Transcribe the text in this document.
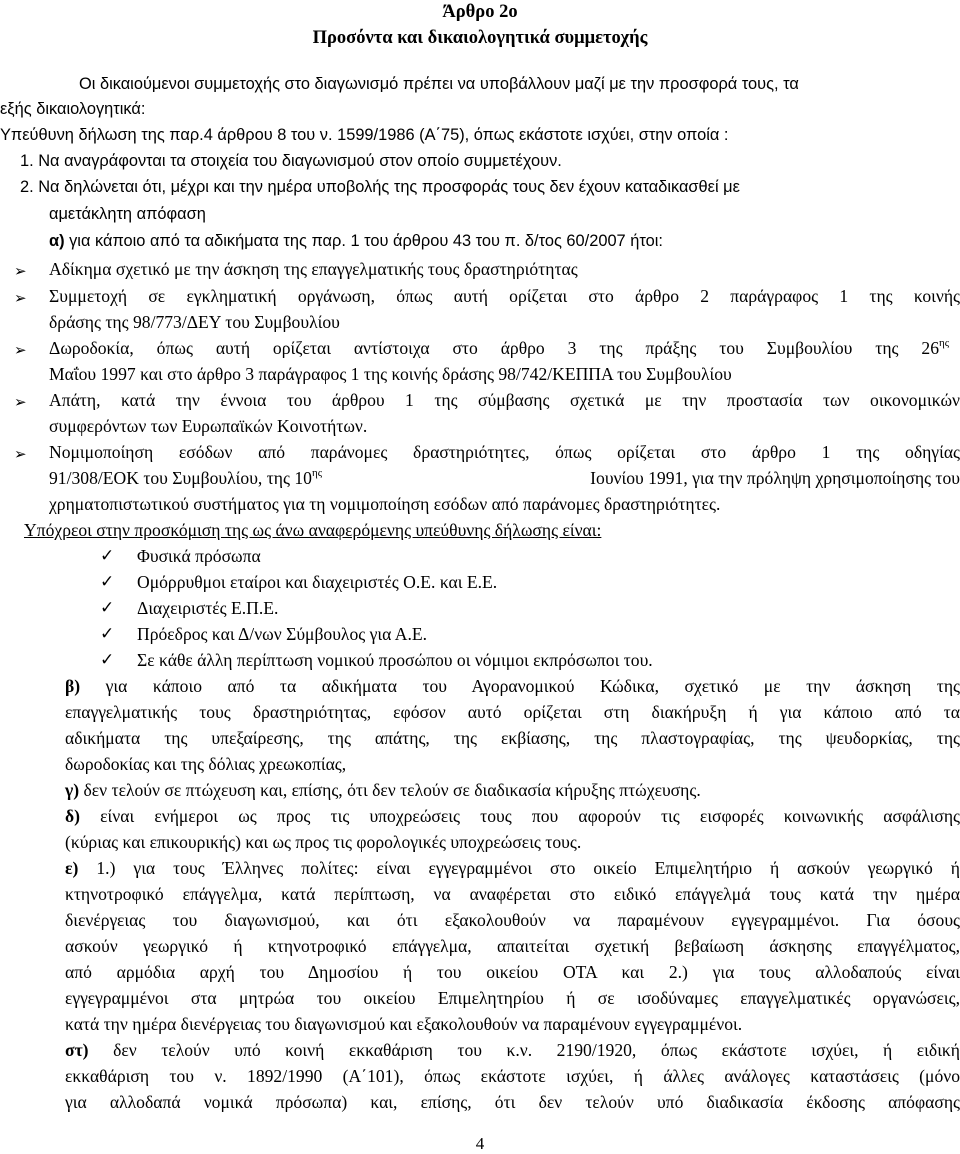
Άρθρο 2ο
Προσόντα και δικαιολογητικά συμμετοχής
Οι δικαιούμενοι συμμετοχής στο διαγωνισμό πρέπει να υποβάλλουν μαζί με την προσφορά τους, τα
εξής δικαιολογητικά:
Υπεύθυνη δήλωση της παρ.4 άρθρου 8 του ν. 1599/1986 (Α΄75), όπως εκάστοτε ισχύει, στην οποία :
1. Να αναγράφονται τα στοιχεία του διαγωνισμού στον οποίο συμμετέχουν.
2. Να δηλώνεται ότι, μέχρι και την ημέρα υποβολής της προσφοράς τους δεν έχουν καταδικασθεί με
αμετάκλητη απόφαση
α) για κάποιο από τα αδικήματα της παρ. 1 του άρθρου 43 του π. δ/τος 60/2007 ήτοι:
➢ Αδίκημα σχετικό με την άσκηση της επαγγελματικής τους δραστηριότητας
➢ Συμμετοχή σε εγκληματική οργάνωση, όπως αυτή ορίζεται στο άρθρο 2 παράγραφος 1 της κοινής
δράσης της 98/773/ΔΕΥ του Συμβουλίου
➢ Δωροδοκία, όπως αυτή ορίζεται αντίστοιχα στο άρθρο 3 της πράξης του Συμβουλίου της $26^{\eta\varsigma}$
Μαΐου 1997 και στο άρθρο 3 παράγραφος 1 της κοινής δράσης 98/742/ΚΕΠΠΑ του Συμβουλίου
➢ Απάτη, κατά την έννοια του άρθρου 1 της σύμβασης σχετικά με την προστασία των οικονομικών
συμφερόντων των Ευρωπαϊκών Κοινοτήτων.
➢ Νομιμοποίηση εσόδων από παράνομες δραστηριότητες, όπως ορίζεται στο άρθρο 1 της οδηγίας
91/308/ΕΟΚ του Συμβουλίου, της $10^{\eta\varsigma}$	Ιουνίου 1991, για την πρόληψη χρησιμοποίησης του
χρηματοπιστωτικού συστήματος για τη νομιμοποίηση εσόδων από παράνομες δραστηριότητες.
Υπόχρεοι στην προσκόμιση της ως άνω αναφερόμενης υπεύθυνης δήλωσης είναι:
✓ Φυσικά πρόσωπα
✓ Ομόρρυθμοι εταίροι και διαχειριστές Ο.Ε. και Ε.Ε.
✓ Διαχειριστές Ε.Π.Ε.
✓ Πρόεδρος και Δ/νων Σύμβουλος για Α.Ε.
✓ Σε κάθε άλλη περίπτωση νομικού προσώπου οι νόμιμοι εκπρόσωποι του.
β) για κάποιο από τα αδικήματα του Αγορανομικού Κώδικα, σχετικό με την άσκηση της
επαγγελματικής τους δραστηριότητας, εφόσον αυτό ορίζεται στη διακήρυξη ή για κάποιο από τα
αδικήματα της υπεξαίρεσης, της απάτης, της εκβίασης, της πλαστογραφίας, της ψευδορκίας, της
δωροδοκίας και της δόλιας χρεωκοπίας,
γ) δεν τελούν σε πτώχευση και, επίσης, ότι δεν τελούν σε διαδικασία κήρυξης πτώχευσης.
δ) είναι ενήμεροι ως προς τις υποχρεώσεις τους που αφορούν τις εισφορές κοινωνικής ασφάλισης
(κύριας και επικουρικής) και ως προς τις φορολογικές υποχρεώσεις τους.
ε) 1.) για τους Έλληνες πολίτες: είναι εγγεγραμμένοι στο οικείο Επιμελητήριο ή ασκούν γεωργικό ή
κτηνοτροφικό επάγγελμα, κατά περίπτωση, να αναφέρεται στο ειδικό επάγγελμά τους κατά την ημέρα
διενέργειας του διαγωνισμού, και ότι εξακολουθούν να παραμένουν εγγεγραμμένοι. Για όσους
ασκούν γεωργικό ή κτηνοτροφικό επάγγελμα, απαιτείται σχετική βεβαίωση άσκησης επαγγέλματος,
από αρμόδια αρχή του Δημοσίου ή του οικείου ΟΤΑ και 2.) για τους αλλοδαπούς είναι
εγγεγραμμένοι στα μητρώα του οικείου Επιμελητηρίου ή σε ισοδύναμες επαγγελματικές οργανώσεις,
κατά την ημέρα διενέργειας του διαγωνισμού και εξακολουθούν να παραμένουν εγγεγραμμένοι.
στ) δεν τελούν υπό κοινή εκκαθάριση του κ.ν. 2190/1920, όπως εκάστοτε ισχύει, ή ειδική
εκκαθάριση του ν. 1892/1990 (Α΄101), όπως εκάστοτε ισχύει, ή άλλες ανάλογες καταστάσεις (μόνο
για αλλοδαπά νομικά πρόσωπα) και, επίσης, ότι δεν τελούν υπό διαδικασία έκδοσης απόφασης
4
